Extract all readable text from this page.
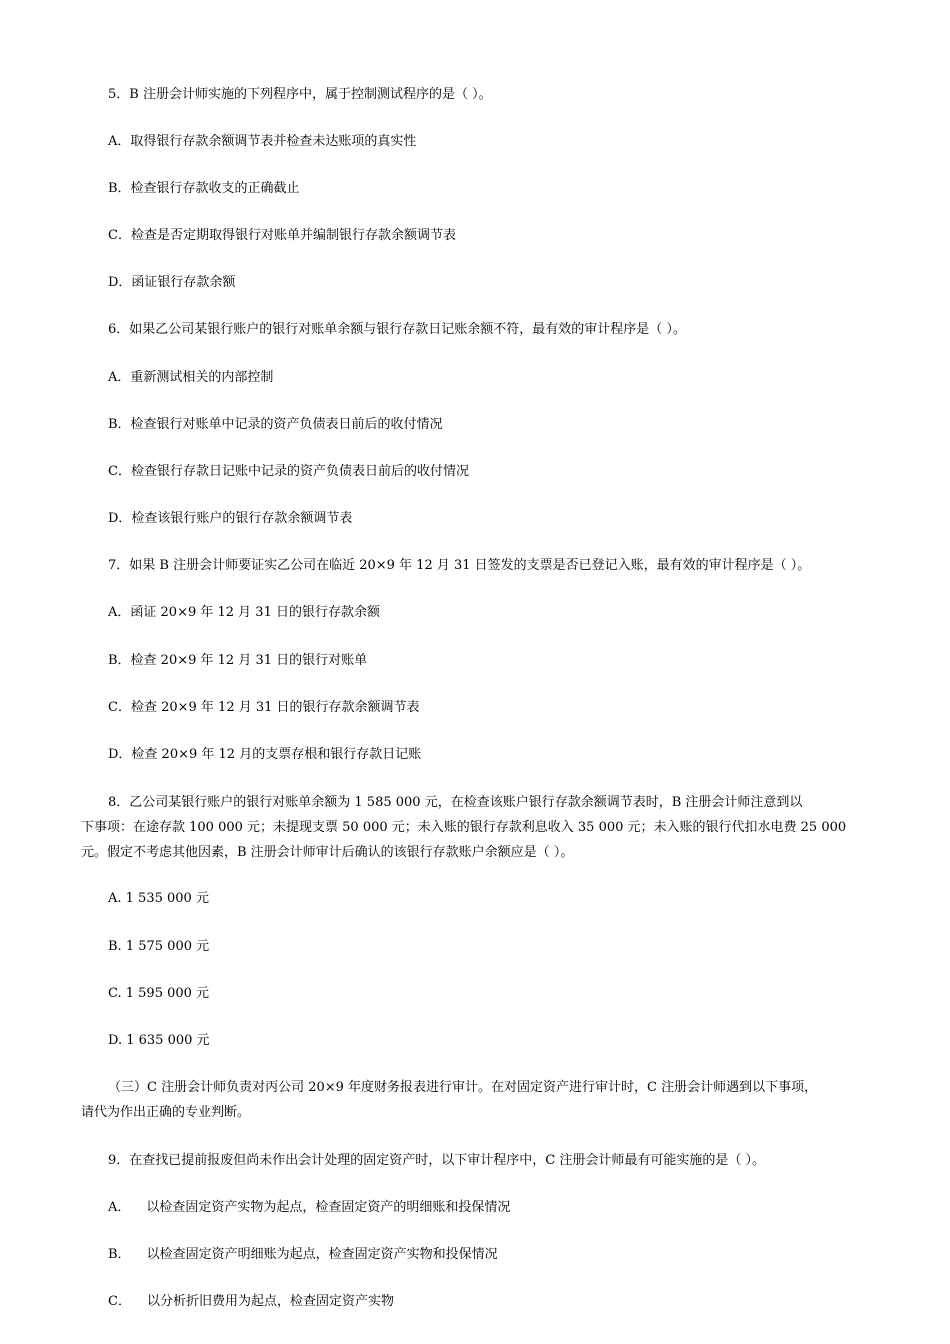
5．B 注册会计师实施的下列程序中，属于控制测试程序的是（ ）。
A．取得银行存款余额调节表并检查未达账项的真实性
B．检查银行存款收支的正确截止
C．检查是否定期取得银行对账单并编制银行存款余额调节表
D．函证银行存款余额
6．如果乙公司某银行账户的银行对账单余额与银行存款日记账余额不符，最有效的审计程序是（ ）。
A．重新测试相关的内部控制
B．检查银行对账单中记录的资产负债表日前后的收付情况
C．检查银行存款日记账中记录的资产负债表日前后的收付情况
D．检查该银行账户的银行存款余额调节表
7．如果 B 注册会计师要证实乙公司在临近 20×9 年 12 月 31 日签发的支票是否已登记入账，最有效的审计程序是（ ）。
A．函证 20×9 年 12 月 31 日的银行存款余额
B．检查 20×9 年 12 月 31 日的银行对账单
C．检查 20×9 年 12 月 31 日的银行存款余额调节表
D．检查 20×9 年 12 月的支票存根和银行存款日记账
8．乙公司某银行账户的银行对账单余额为 1 585 000 元，在检查该账户银行存款余额调节表时，B 注册会计师注意到以
下事项：在途存款 100 000 元；未提现支票 50 000 元；未入账的银行存款利息收入 35 000 元；未入账的银行代扣水电费 25 000
元。假定不考虑其他因素，B 注册会计师审计后确认的该银行存款账户余额应是（ ）。
A. 1 535 000 元
B. 1 575 000 元
C. 1 595 000 元
D. 1 635 000 元
（三）C 注册会计师负责对丙公司 20×9 年度财务报表进行审计。在对固定资产进行审计时，C 注册会计师遇到以下事项，
请代为作出正确的专业判断。
9．在查找已提前报废但尚未作出会计处理的固定资产时，以下审计程序中，C 注册会计师最有可能实施的是（ ）。
A． 以检查固定资产实物为起点，检查固定资产的明细账和投保情况
B． 以检查固定资产明细账为起点，检查固定资产实物和投保情况
C． 以分析折旧费用为起点，检查固定资产实物
